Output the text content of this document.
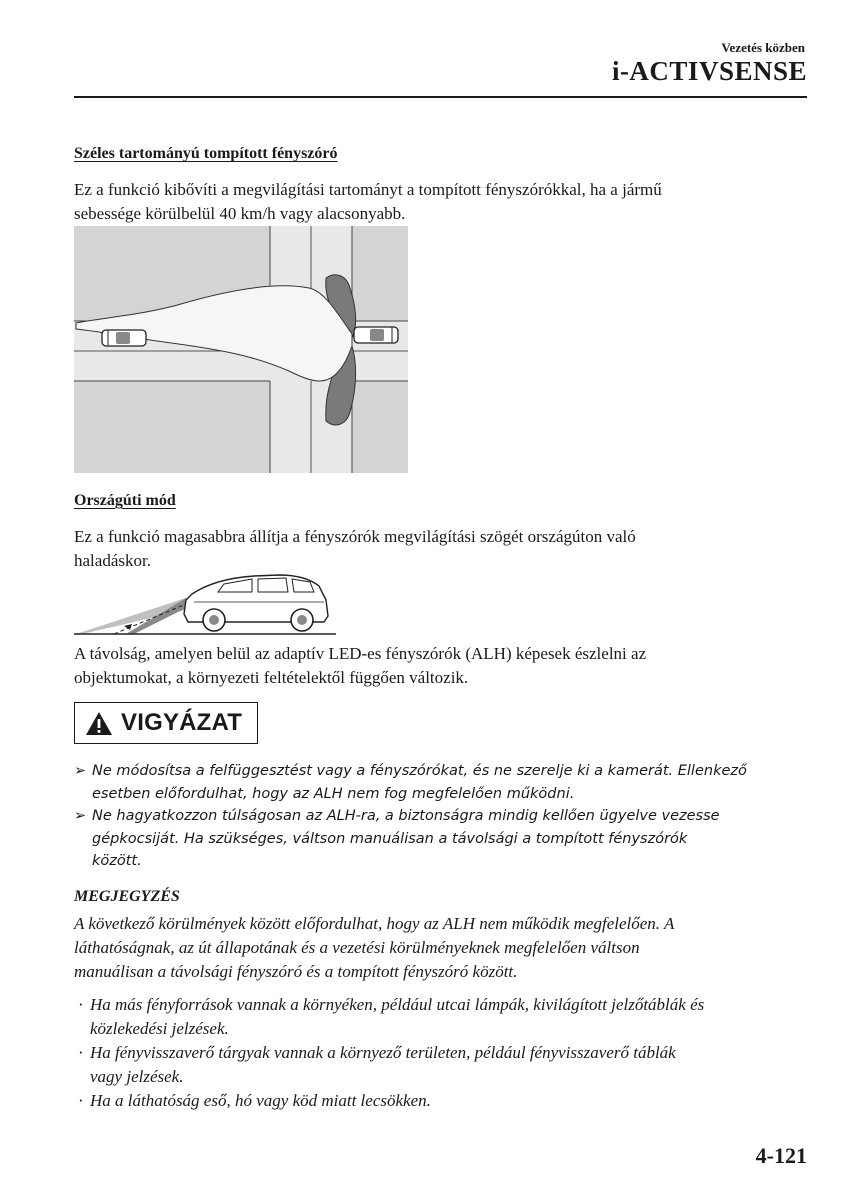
Vezetés közben
i-ACTIVSENSE
Széles tartományú tompított fényszóró
Ez a funkció kibővíti a megvilágítási tartományt a tompított fényszórókkal, ha a jármű
sebessége körülbelül 40 km/h vagy alacsonyabb.
Országúti mód
Ez a funkció magasabbra állítja a fényszórók megvilágítási szögét országúton való
haladáskor.
A távolság, amelyen belül az adaptív LED-es fényszórók (ALH) képesek észlelni az
objektumokat, a környezeti feltételektől függően változik.
VIGYÁZAT
➢ Ne módosítsa a felfüggesztést vagy a fényszórókat, és ne szerelje ki a kamerát. Ellenkező
esetben előfordulhat, hogy az ALH nem fog megfelelően működni.
➢ Ne hagyatkozzon túlságosan az ALH-ra, a biztonságra mindig kellően ügyelve vezesse
gépkocsiját. Ha szükséges, váltson manuálisan a távolsági a tompított fényszórók
között.
MEGJEGYZÉS
A következő körülmények között előfordulhat, hogy az ALH nem működik megfelelően. A
láthatóságnak, az út állapotának és a vezetési körülményeknek megfelelően váltson
manuálisan a távolsági fényszóró és a tompított fényszóró között.
· Ha más fényforrások vannak a környéken, például utcai lámpák, kivilágított jelzőtáblák és
közlekedési jelzések.
· Ha fényvisszaverő tárgyak vannak a környező területen, például fényvisszaverő táblák
vagy jelzések.
· Ha a láthatóság eső, hó vagy köd miatt lecsökken.
4-121
